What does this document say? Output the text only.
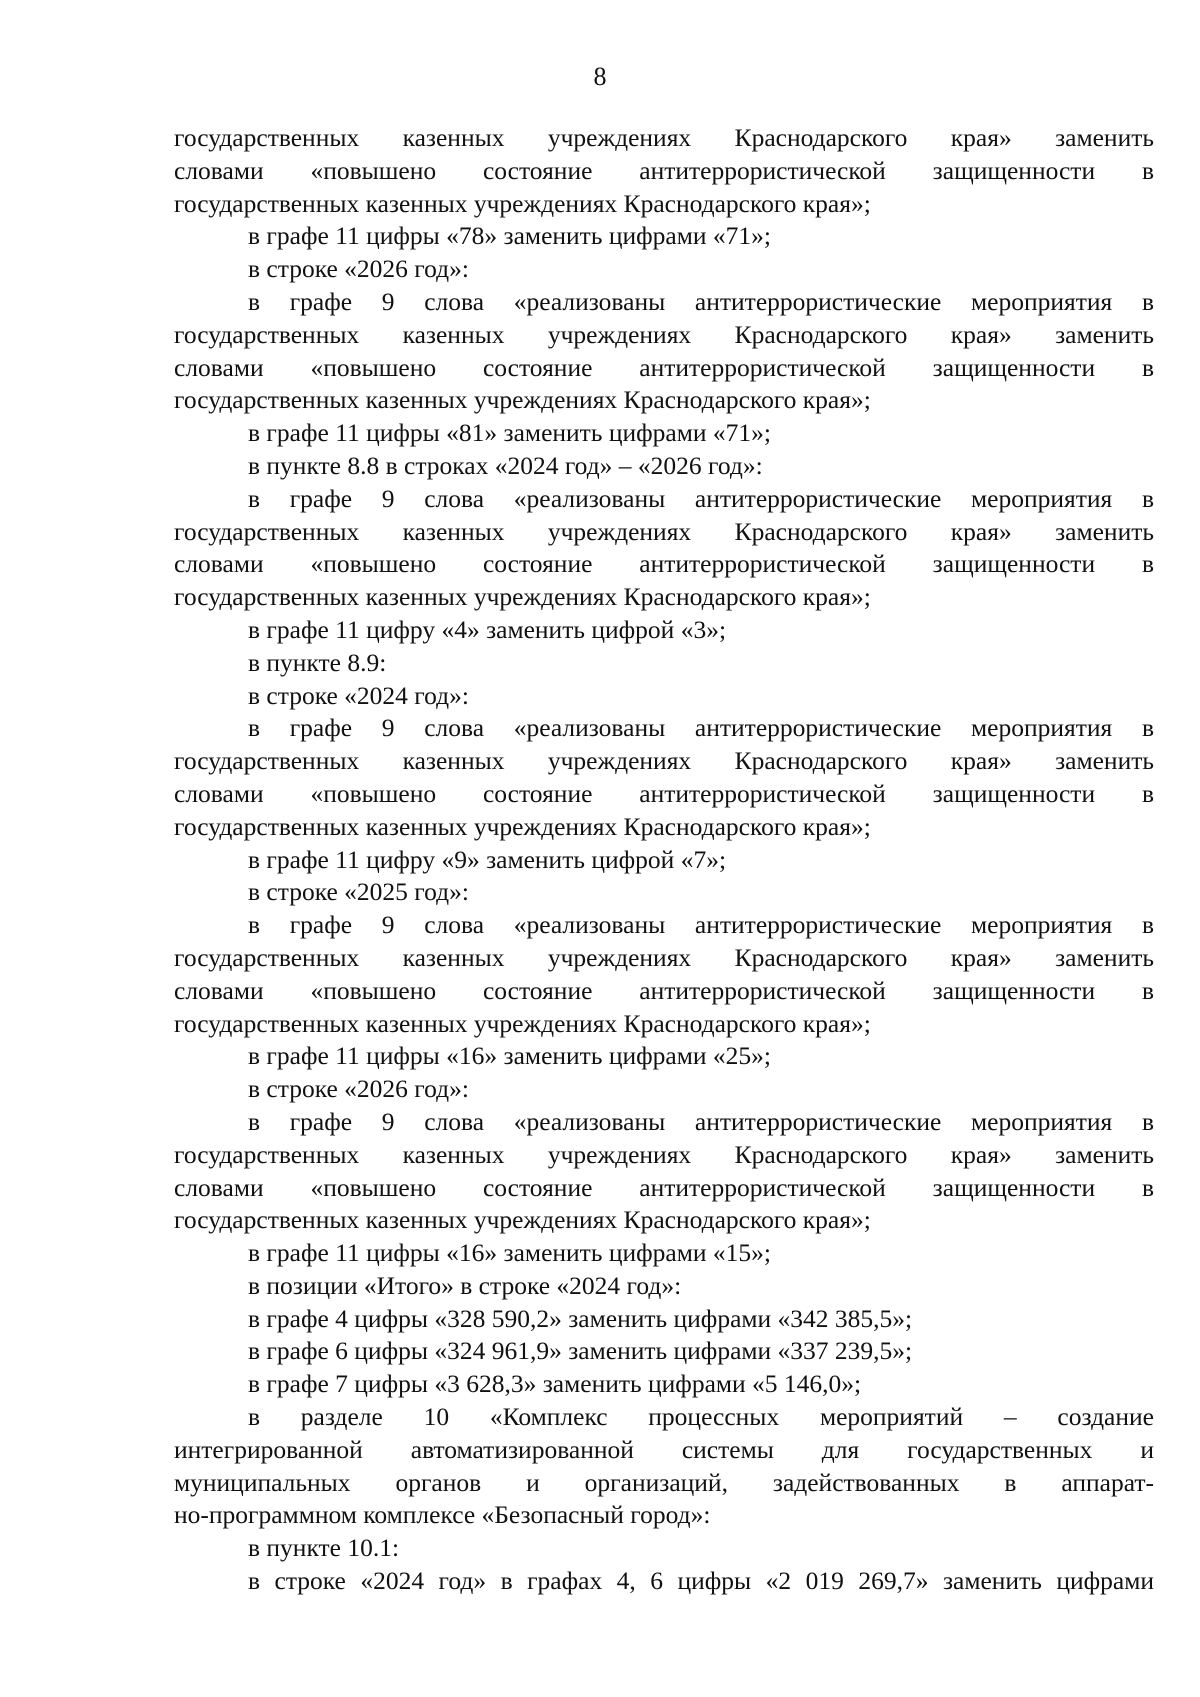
8
государственных казенных учреждениях Краснодарского края» заменить
словами «повышено состояние антитеррористической защищенности в
государственных казенных учреждениях Краснодарского края»;
в графе 11 цифры «78» заменить цифрами «71»;
в строке «2026 год»:
в графе 9 слова «реализованы антитеррористические мероприятия в
государственных казенных учреждениях Краснодарского края» заменить
словами «повышено состояние антитеррористической защищенности в
государственных казенных учреждениях Краснодарского края»;
в графе 11 цифры «81» заменить цифрами «71»;
в пункте 8.8 в строках «2024 год» – «2026 год»:
в графе 9 слова «реализованы антитеррористические мероприятия в
государственных казенных учреждениях Краснодарского края» заменить
словами «повышено состояние антитеррористической защищенности в
государственных казенных учреждениях Краснодарского края»;
в графе 11 цифру «4» заменить цифрой «3»;
в пункте 8.9:
в строке «2024 год»:
в графе 9 слова «реализованы антитеррористические мероприятия в
государственных казенных учреждениях Краснодарского края» заменить
словами «повышено состояние антитеррористической защищенности в
государственных казенных учреждениях Краснодарского края»;
в графе 11 цифру «9» заменить цифрой «7»;
в строке «2025 год»:
в графе 9 слова «реализованы антитеррористические мероприятия в
государственных казенных учреждениях Краснодарского края» заменить
словами «повышено состояние антитеррористической защищенности в
государственных казенных учреждениях Краснодарского края»;
в графе 11 цифры «16» заменить цифрами «25»;
в строке «2026 год»:
в графе 9 слова «реализованы антитеррористические мероприятия в
государственных казенных учреждениях Краснодарского края» заменить
словами «повышено состояние антитеррористической защищенности в
государственных казенных учреждениях Краснодарского края»;
в графе 11 цифры «16» заменить цифрами «15»;
в позиции «Итого» в строке «2024 год»:
в графе 4 цифры «328 590,2» заменить цифрами «342 385,5»;
в графе 6 цифры «324 961,9» заменить цифрами «337 239,5»;
в графе 7 цифры «3 628,3» заменить цифрами «5 146,0»;
в разделе 10 «Комплекс процессных мероприятий – создание
интегрированной автоматизированной системы для государственных и
муниципальных органов и организаций, задействованных в аппарат-
но-программном комплексе «Безопасный город»:
в пункте 10.1:
в строке «2024 год» в графах 4, 6 цифры «2 019 269,7» заменить цифрами
